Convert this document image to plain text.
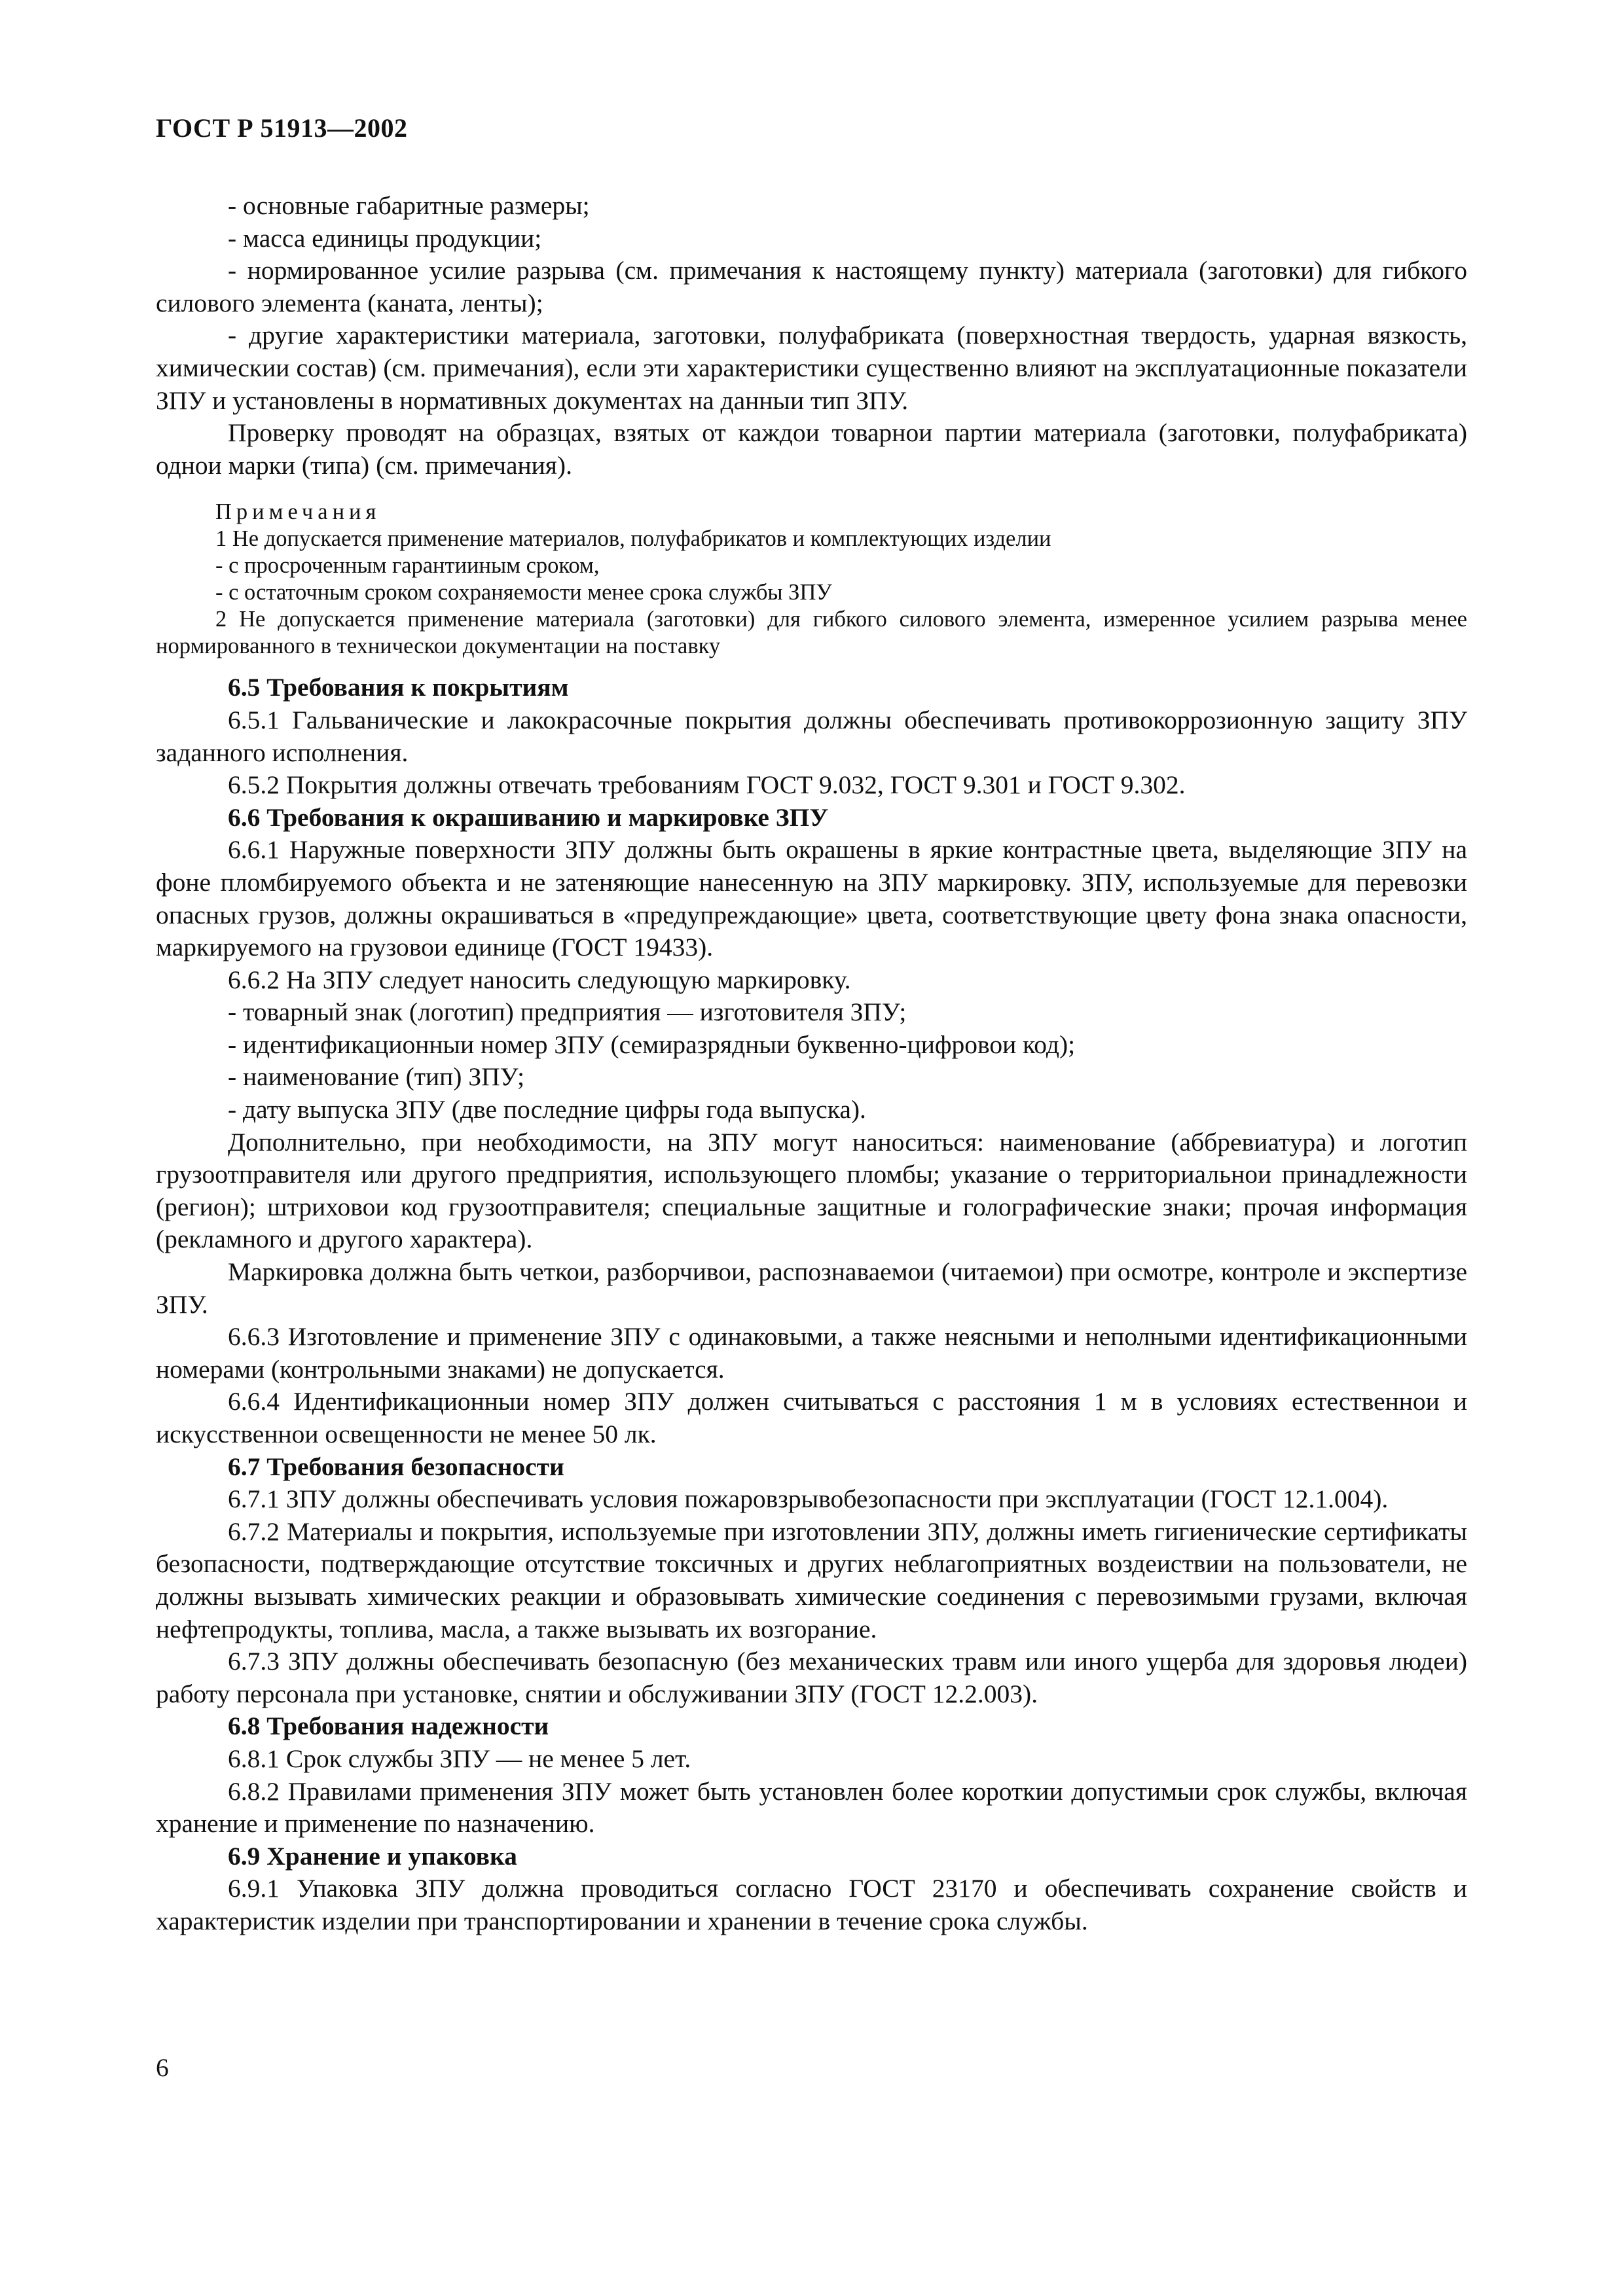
ГОСТ Р 51913—2002

- основные габаритные размеры;

- масса единицы продукции;

- нормированное усилие разрыва (см. примечания к настоящему пункту) материала (заготовки) для гибкого силового элемента (каната, ленты);

- другие характеристики материала, заготовки, полуфабриката (поверхностная твердость, ударная вязкость, химическии состав) (см. примечания), если эти характеристики существенно влияют на эксплуатационные показатели ЗПУ и установлены в нормативных документах на данныи тип ЗПУ.

Проверку проводят на образцах, взятых от каждои товарнои партии материала (заготовки, полуфабриката) однои марки (типа) (см. примечания).

Примечания

1 Не допускается применение материалов, полуфабрикатов и комплектующих изделии

- с просроченным гарантииным сроком,

- с остаточным сроком сохраняемости менее срока службы ЗПУ

2 Не допускается применение материала (заготовки) для гибкого силового элемента, измеренное усилием разрыва менее нормированного в техническои документации на поставку

6.5 Требования к покрытиям

6.5.1 Гальванические и лакокрасочные покрытия должны обеспечивать противокоррозионную защиту ЗПУ заданного исполнения.

6.5.2 Покрытия должны отвечать требованиям ГОСТ 9.032, ГОСТ 9.301 и ГОСТ 9.302.

6.6 Требования к окрашиванию и маркировке ЗПУ

6.6.1 Наружные поверхности ЗПУ должны быть окрашены в яркие контрастные цвета, выделяющие ЗПУ на фоне пломбируемого объекта и не затеняющие нанесенную на ЗПУ маркировку. ЗПУ, используемые для перевозки опасных грузов, должны окрашиваться в «предупреждающие» цвета, соответствующие цвету фона знака опасности, маркируемого на грузовои единице (ГОСТ 19433).

6.6.2 На ЗПУ следует наносить следующую маркировку.

- товарный знак (логотип) предприятия — изготовителя ЗПУ;

- идентификационныи номер ЗПУ (семиразрядныи буквенно-цифровои код);

- наименование (тип) ЗПУ;

- дату выпуска ЗПУ (две последние цифры года выпуска).

Дополнительно, при необходимости, на ЗПУ могут наноситься: наименование (аббревиатура) и логотип грузоотправителя или другого предприятия, использующего пломбы; указание о территориальнои принадлежности (регион); штриховои код грузоотправителя; специальные защитные и голографические знаки; прочая информация (рекламного и другого характера).

Маркировка должна быть четкои, разборчивои, распознаваемои (читаемои) при осмотре, контроле и экспертизе ЗПУ.

6.6.3 Изготовление и применение ЗПУ с одинаковыми, а также неясными и неполными идентификационными номерами (контрольными знаками) не допускается.

6.6.4 Идентификационныи номер ЗПУ должен считываться с расстояния 1 м в условиях естественнои и искусственнои освещенности не менее 50 лк.

6.7 Требования безопасности

6.7.1 ЗПУ должны обеспечивать условия пожаровзрывобезопасности при эксплуатации (ГОСТ 12.1.004).

6.7.2 Материалы и покрытия, используемые при изготовлении ЗПУ, должны иметь гигиенические сертификаты безопасности, подтверждающие отсутствие токсичных и других неблагоприятных воздеиствии на пользователи, не должны вызывать химических реакции и образовывать химические соединения с перевозимыми грузами, включая нефтепродукты, топлива, масла, а также вызывать их возгорание.

6.7.3 ЗПУ должны обеспечивать безопасную (без механических травм или иного ущерба для здоровья людеи) работу персонала при установке, снятии и обслуживании ЗПУ (ГОСТ 12.2.003).

6.8 Требования надежности

6.8.1 Срок службы ЗПУ — не менее 5 лет.

6.8.2 Правилами применения ЗПУ может быть установлен более короткии допустимыи срок службы, включая хранение и применение по назначению.

6.9 Хранение и упаковка

6.9.1 Упаковка ЗПУ должна проводиться согласно ГОСТ 23170 и обеспечивать сохранение свойств и характеристик изделии при транспортировании и хранении в течение срока службы.

6
